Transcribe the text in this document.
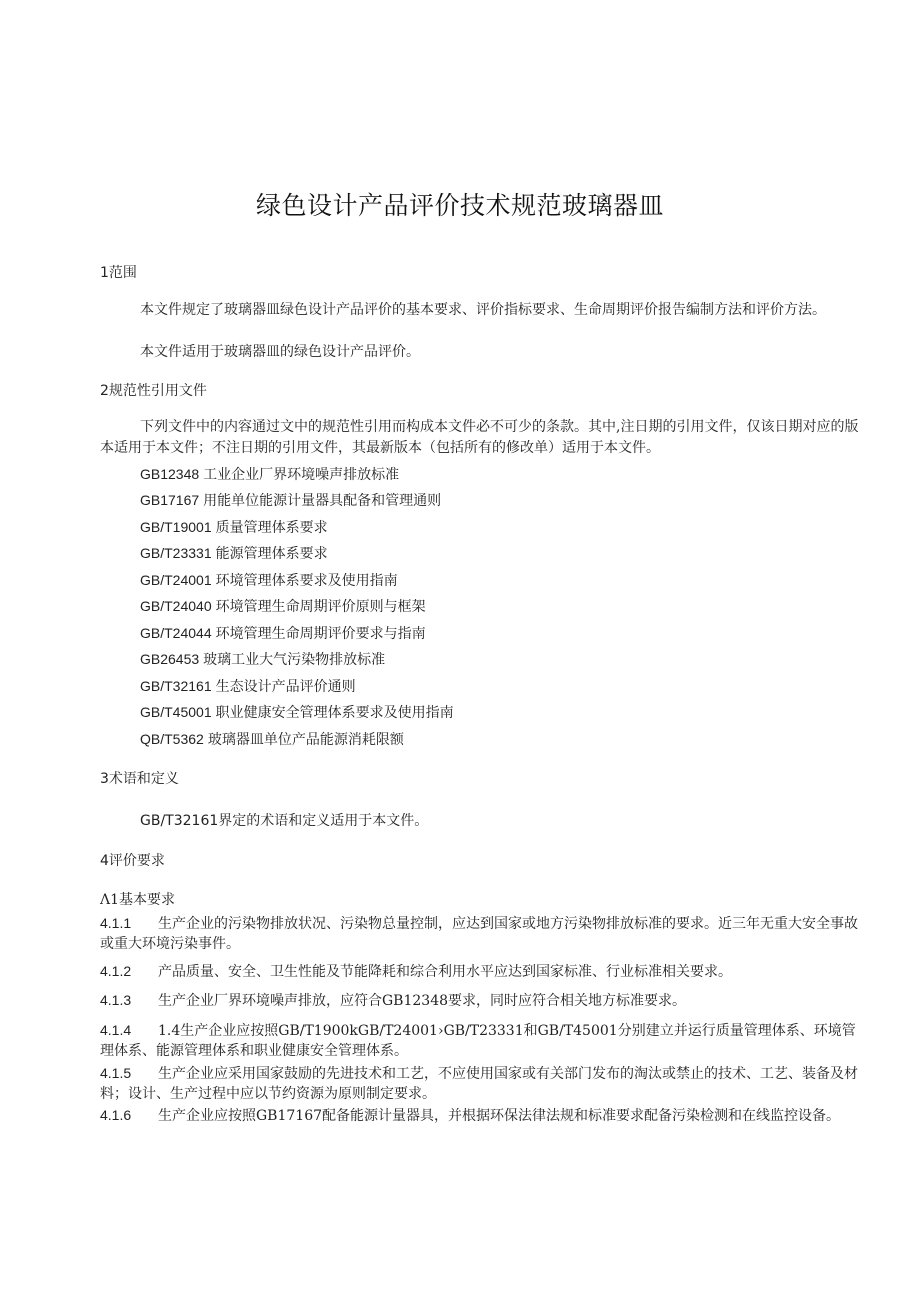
绿色设计产品评价技术规范玻璃器皿
1范围

本文件规定了玻璃器皿绿色设计产品评价的基本要求、评价指标要求、生命周期评价报告编制方法和评价方法。

本文件适用于玻璃器皿的绿色设计产品评价。

2规范性引用文件

下列文件中的内容通过文中的规范性引用而构成本文件必不可少的条款。其中,注日期的引用文件，仅该日期对应的版本适用于本文件；不注日期的引用文件，其最新版本（包括所有的修改单）适用于本文件。

GB12348 工业企业厂界环境噪声排放标准
GB17167 用能单位能源计量器具配备和管理通则
GB/T19001 质量管理体系要求
GB/T23331 能源管理体系要求
GB/T24001 环境管理体系要求及使用指南
GB/T24040 环境管理生命周期评价原则与框架
GB/T24044 环境管理生命周期评价要求与指南
GB26453 玻璃工业大气污染物排放标准
GB/T32161 生态设计产品评价通则
GB/T45001 职业健康安全管理体系要求及使用指南
QB/T5362 玻璃器皿单位产品能源消耗限额
3术语和定义
GB/T32161界定的术语和定义适用于本文件。
4评价要求
Λ1基本要求

4.1.1 生产企业的污染物排放状况、污染物总量控制，应达到国家或地方污染物排放标准的要求。近三年无重大安全事故或重大环境污染事件。

4.1.2 产品质量、安全、卫生性能及节能降耗和综合利用水平应达到国家标准、行业标准相关要求。

4.1.3 生产企业厂界环境噪声排放，应符合GB12348要求，同时应符合相关地方标准要求。

4.1.4 1.4生产企业应按照GB/T1900kGB/T24001›GB/T23331和GB/T45001分别建立并运行质量管理体系、环境管理体系、能源管理体系和职业健康安全管理体系。

4.1.5 生产企业应采用国家鼓励的先进技术和工艺，不应使用国家或有关部门发布的淘汰或禁止的技术、工艺、装备及材料；设计、生产过程中应以节约资源为原则制定要求。

4.1.6 生产企业应按照GB17167配备能源计量器具，并根据环保法律法规和标准要求配备污染检测和在线监控设备。
